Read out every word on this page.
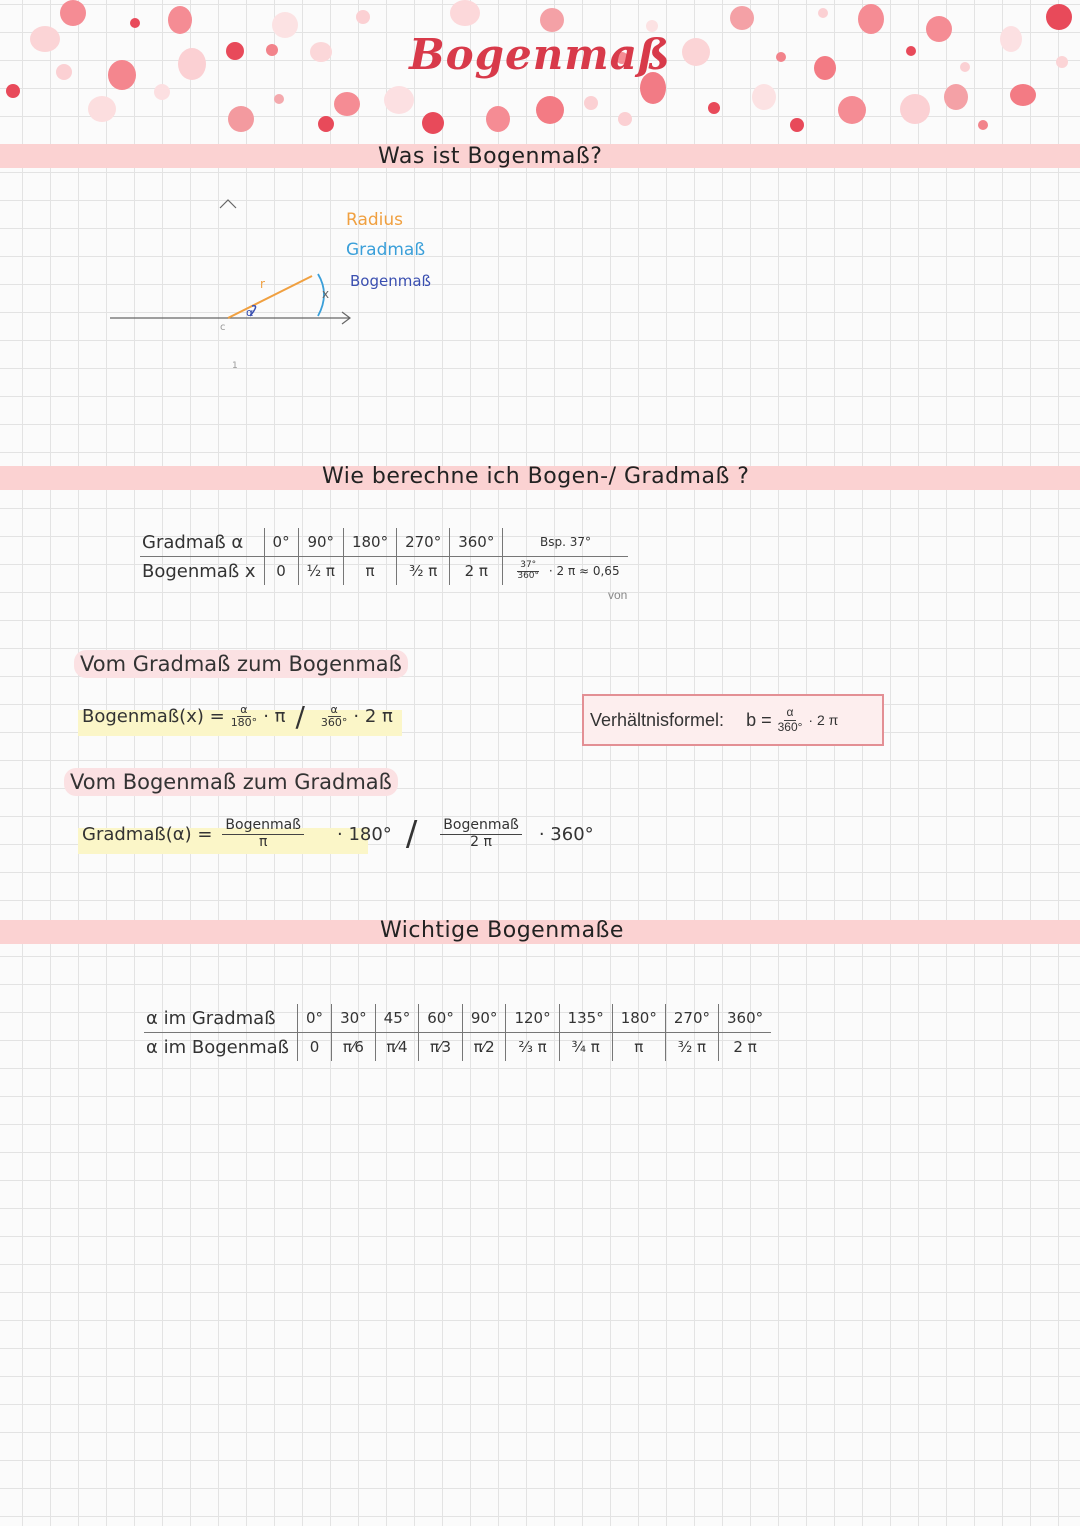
Bogenmaß
Was ist Bogenmaß?
r
α
x
c
1
Radius
Gradmaß
Bogenmaß
Wie berechne ich Bogen-/ Gradmaß ?
Gradmaß α	0°	90°	180°	270°	360°	Bsp. 37°
Bogenmaß x	0	½ π	π	³⁄₂ π	2 π	$\frac{37^\circ}{360^\circ} \cdot 2$ π ≈ 0,65
von
Vom Gradmaß zum Bogenmaß
Bogenmaß(x) = $\frac{\alpha}{180^\circ} \cdot \pi / \frac{\alpha}{360^\circ} \cdot 2$ π	Verhältnisformel: $b = \frac{\alpha}{360^\circ} \cdot 2$ π
Vom Bogenmaß zum Gradmaß
Gradmaß(α) = $\frac{\text{Bogenmaß}}{\pi} \cdot 180^\circ / \frac{\text{Bogenmaß}}{2 \pi} \cdot 360^\circ$
Wichtige Bogenmaße
α im Gradmaß	0°	30°	45°	60°	90°	120°	135°	180°	270°	360°
α im Bogenmaß	0	π⁄6	π⁄4	π⁄3	π⁄2	⅔ π	¾ π	π	³⁄₂ π	2 π
